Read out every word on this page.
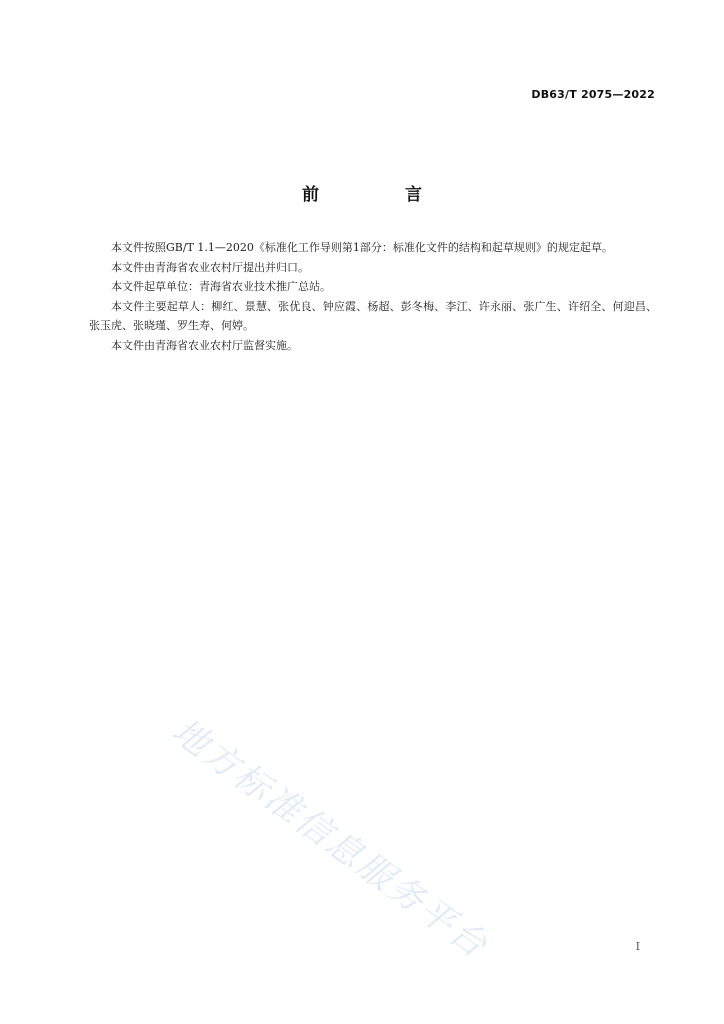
DB63/T 2075—2022
前 言

本文件按照GB/T 1.1—2020《标准化工作导则第1部分：标准化文件的结构和起草规则》的规定起草。

本文件由青海省农业农村厅提出并归口。

本文件起草单位：青海省农业技术推广总站。

本文件主要起草人：柳红、景慧、张优良、钟应霞、杨超、彭冬梅、李江、许永丽、张广生、许绍全、何迎昌、张玉虎、张晓瑾、罗生寿、何婷。

本文件由青海省农业农村厅监督实施。

地方标准信息服务平台	I
